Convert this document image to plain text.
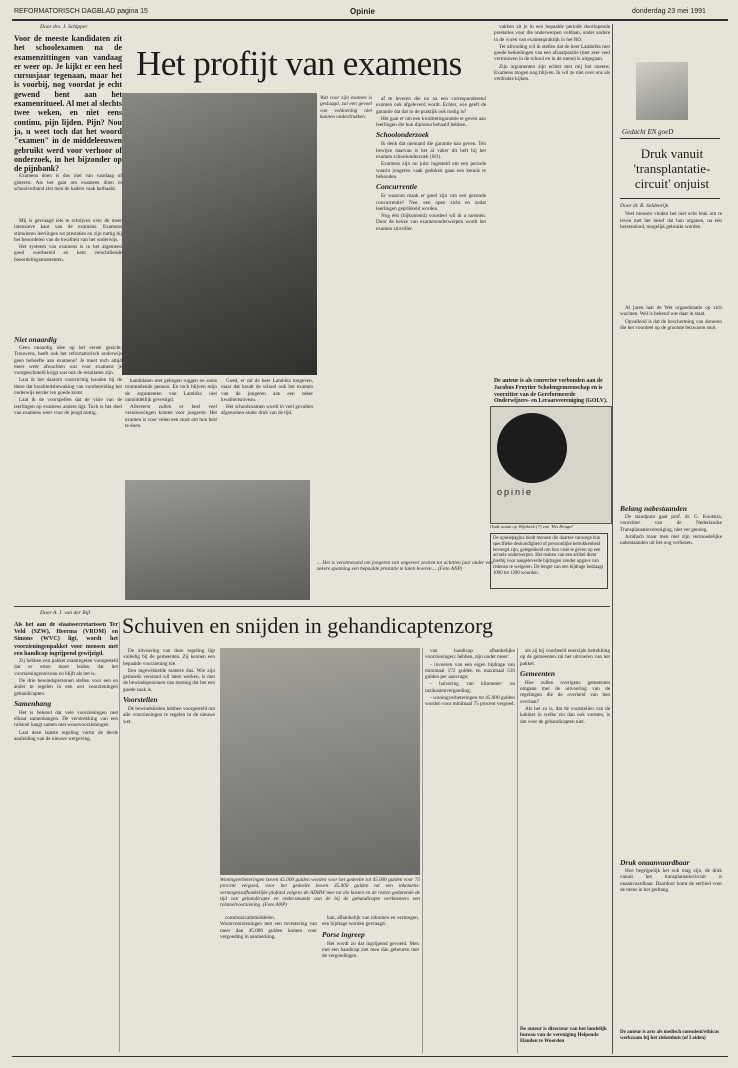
REFORMATORISCH DAGBLAD pagina 15	Opinie	donderdag 23 mei 1991
Door drs. J. Schipper
Het profijt van examens
Voor de meeste kandidaten zit het schoolexamen na de examenzittingen van vandaag er weer op. Je kijkt er een heel cursusjaar tegenaan, maar het is voorbij, nog voordat je echt gewend bent aan het examenritueel. Al met al slechts twee weken, en niet eens continu, pijn lijden. Pijn? Nou ja, u weet toch dat het woord "examen" in de middeleeuwen gebruikt werd voor verhoor of onderzoek, in het bijzonder op de pijnbank?

Examens doen is dus niet van vandaag of gisteren. Als het gaat om examens doen in schoolverband ziet men de kaders vaak herhaald.

Mij is gevraagd iets te schrijven over de meer intensieve kant van de examens. Examens stimuleren leerlingen tot prestaties en zijn nuttig bij het beoordelen van de kwaliteit van het onderwijs.

Het systeem van examens is in het algemeen goed voorbereid en kent verschillende beoordelingsmomenten.

Niet onaardig

Geen onaardig idee op het eerste gezicht. Trouwens, heeft ook het reformatorisch onderwijs geen behoefte aan examens? Je moet toch altijd meer weer afwachten wat voor examens je voorgeschoteld krijgt wat ook de resultaten zijn.

Laat ik het daarom voorzichtig houden bij de these dat kwaliteitsbewaking van voorbereiding het onderwijs eerder ten goede komt.

Laat ik de voorspellen dat de visie van de leerlingen op examens anders ligt. Toch is het doel van examens weer voor de jeugd nuttig.

Wat voor zijn examen is geslaagd, zal een gevoel van voldoening niet kunnen onderdrukken.

kandidaten met gebogen ruggen en soms trommelende pennen. En toch blijven mijn de argumenten van Lambiks niet onmiddellijk gevestigd.

Allereerst zullen er heel veel vernieuwingen komen voor jongeren. Het examen is voor velen een stoot om hun best te doen.

Goed, er zal de heer Lambiks toegeven, maar dat houdt de school ook het examen van de jongeren aan een zeker kwaliteitsniveau.

Het schoolexamen wordt in veel gevallen afgenomen onder druk van de tijd.

... Het is verantwoord om jongeren van ongeveer zestien tot achttien jaar onder een zekere spanning een bepaalde prestatie te laten leveren.... (Foto ANP)

af te leveren die nu na een corresponderend examen ook afgeleverd wordt. Echter, wie geeft de garantie dat dat in de praktijk ook nodig is?

Het gaat er om een kwaliteitsgarantie te geven aan leerlingen die hun diploma behaald hebben.

Schoolonderzoek

Ik denk dat niemand die garantie kan geven. Ten bewijze daarvan is het al vaker dit heft bij het examen schoolonderzoek (SO).

Examens zijn nu juist ingesteld om een periode waarin jongeren vaak gedoken gaan een kennis te behouden.

Concurrentie

Er waarom maak er goed zijn van een gezonde concurrentie? Nee, een open zicht en zodat leerlingen geprikkeld worden.

Nog één (bijkomend) voordeel wil ik u noemen. Door de keuze van examenonderwerpen wordt het examen zinvoller.

vakken zit je in een bepaalde periode doorlopende prestaties voor die onderwerpen voldaan, onder andere in de voren van examenpraktijk in het RO.

Ter afronding wil ik stellen dat de heer Lambriks met goede bedoelingen van een afzaalpositie (met zeer veel vertrouwen in de school en in de mens) is uitgegaan.

Zijn argumenten zijn echter met mij het oneens. Examens mogen nog blijven. Ik wil ze niet over ons als verdrukte kijken.

De auteur is als conrector verbonden aan de Jacobus Fruytier Scholengemeenschap en is voorzitter van de Gereformeerde Onderwijzers- en Leraarsvereniging (GOLV).
opinie
Oude naam op Wijnbeek (?) van 'Het Hengel'
De opiniepagina biedt mensen die daartoe vanwege hun specifieke deskundigheid of persoonlijke betrokkenheid bevoegd zijn, gelegenheid om hun visie te geven op een actuele onderwerpen. Het maken van een artikel dient hierbij voor aangeleverde bijdragen zonder opgave van redenen te weigeren. De lengte van een bijdrage bedraagt 1000 tot 1200 woorden.
Gedacht EN goeD
Druk vanuit 'transplantatie-circuit' onjuist
Door dr. R. Seldenrijk

Veel mensen vinden het niet echt leuk om te leven met het besef dat hun organen, na een hersendood, mogelijk gebruikt worden.

Al jaren laat de Wet organdonatie op zich wachten. Wel is bekend wat daar in staat.

Opvallend is dat de bescherming van donoren die het voordeel op de grootste bezwaren stuit.

Belang nabestaanden

De standpunt gaat prof. dr. G. Kootstra, voorzitter van de Nederlandse Transplantatievereniging, niet ver genoeg.

Juridisch maar men niet zijn vermoedelijke nabestaanden uit het oog verliezen.

Druk onaanvaardbaar

Hoe begrijpelijk het ook mag zijn, de druk vanuit het transplantatiecircuit is onaanvaardbaar. Daardoor komt de eerbied voor de mens in het gedrang.

De auteur is arts als medisch consulent/ethicus werkzaam bij het ziekenhuis (of Leiden)
Door A. J. van der Bijl Schuiven en snijden in gehandicaptenzorg
Als het aan de staatssecretarissen Ter Veld (SZW), Heerma (VROM) en Simons (WVC) ligt, wordt het voorzieningenpakket voor mensen met een handicap ingrijpend gewijzigd.

Zij hebben een pakket maatregelen voorgesteld dat er ertoe moet leiden dat het voorzieningenniveau zo blijft als het is.

De drie bewindspersonen stellen voor een en ander te regelen in een wet voorzieningen gehandicapten.

Samenhang

Het is bekend dat vele voorzieningen met elkaar samenhangen. De verstrekking van een rolstoel hangt samen met woonvoorzieningen.

Laat deze laatste regeling vormt de derde aanleiding van de nieuwe wetgeving.

De uitvoering van deze regeling ligt volledig bij de gemeenten. Zij kennen een bepaalde voorziening toe.

Een ingewikkelde materie dus. Wie zijn gemoeds verstand wil laten werken, is met de bewindspersonen van mening dat het een goede zaak is.

Voorstellen

De bewindslieden hebben voorgesteld om alle voorzieningen te regelen in de nieuwe wet.

Woningverbeteringen boven 45.000 gulden worden voor het gedeelte tot 45.000 gulden voor 75 procent vergoed, voor het gedeelte boven 45.000 gulden tot een inkomens-vermogensafhankelijke plafond volgens de ADHW mee tot die kosten en de resten gedurende de tijd van gehandicapte en ondersteunde aan de bij de gehandicapte werknemers een rolstoelvoorziening. (Foto ANP)

communicatiemiddelen. Woonvoorzieningen met een investering van meer dan 45.000 gulden komen voor vergoeding in aanmerking.

kan, afhankelijk van inkomen en vermogen, een bijdrage worden gevraagd.

Porse ingreep

Het wordt zo dat ingrijpend gevoeld. Men met een handicap ziet men dan gebeuren met de vergoedingen.

van handicap afhankelijke voorzieningen: hebben, zijn onder meer:

- invoeren van een eigen bijdrage van minimaal 172 gulden en maximaal 516 gulden per aanvrage;

- halvering van kilometer- en taxikostenvergoeding;

- woningverbeteringen tot 45.000 gulden worden voor minimaal 75 procent vergoed.

als zij bij voorbeeld enerzijds betrekking op de gemeenten zal het uitvoeren van het pakket.

Gemeenten

Hoe zullen overigens gemeenten omgaan met de uitvoering van de regelingen die de overheid van hen overlaat?

Als het zo is, dat de voorstellen van de kabinet in welke zin dan ook vormen, is dat voor de gehandicapten niet.

De auteur is directeur van het landelijk bureau van de vereniging Helpende Handen te Woerden
